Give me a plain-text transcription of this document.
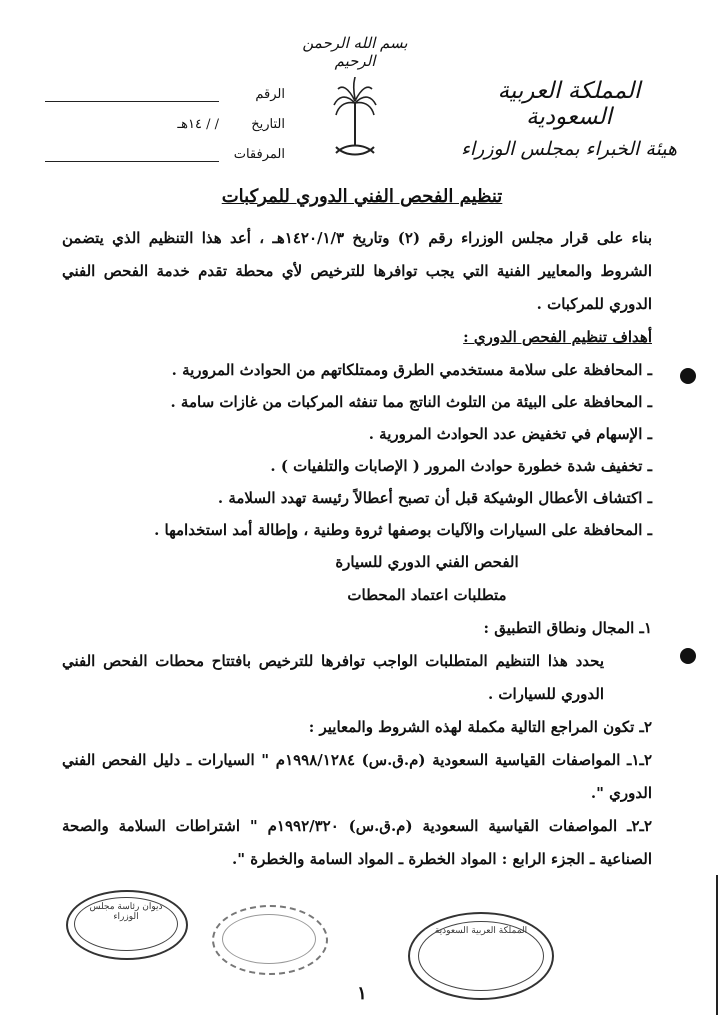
بسم الله الرحمن الرحيم
المملكة العربية السعودية
هيئة الخبراء بمجلس الوزراء
الرقم
التاريخ
/ / ١٤هـ
المرفقات
تنظيم الفحص الفني الدوري للمركبات
بناء على قرار مجلس الوزراء رقم (٢) وتاريخ ١٤٢٠/١/٣هـ ، أعد هذا التنظيم الذي يتضمن الشروط والمعايير الفنية التي يجب توافرها للترخيص لأي محطة تقدم خدمة الفحص الفني الدوري للمركبات .
أهداف تنظيم الفحص الدوري :
ـ المحافظة على سلامة مستخدمي الطرق وممتلكاتهم من الحوادث المرورية .
ـ المحافظة على البيئة من التلوث الناتج مما تنفثه المركبات من غازات سامة .
ـ الإسهام في تخفيض عدد الحوادث المرورية .
ـ تخفيف شدة خطورة حوادث المرور ( الإصابات والتلفيات ) .
ـ اكتشاف الأعطال الوشيكة قبل أن تصبح أعطالاً رئيسة تهدد السلامة .
ـ المحافظة على السيارات والآليات بوصفها ثروة وطنية ، وإطالة أمد استخدامها .
الفحص الفني الدوري للسيارة
متطلبات اعتماد المحطات
١ـ المجال ونطاق التطبيق :
يحدد هذا التنظيم المتطلبات الواجب توافرها للترخيص بافتتاح محطات الفحص الفني الدوري للسيارات .
٢ـ تكون المراجع التالية مكملة لهذه الشروط والمعايير :
٢ـ١ـ المواصفات القياسية السعودية (م.ق.س) ١٩٩٨/١٢٨٤م " السيارات ـ دليل الفحص الفني الدوري ".
٢ـ٢ـ المواصفات القياسية السعودية (م.ق.س) ١٩٩٢/٣٢٠م " اشتراطات السلامة والصحة الصناعية ـ الجزء الرابع : المواد الخطرة ـ المواد السامة والخطرة ".
ديوان رئاسة مجلس الوزراء
المملكة العربية السعودية
١
